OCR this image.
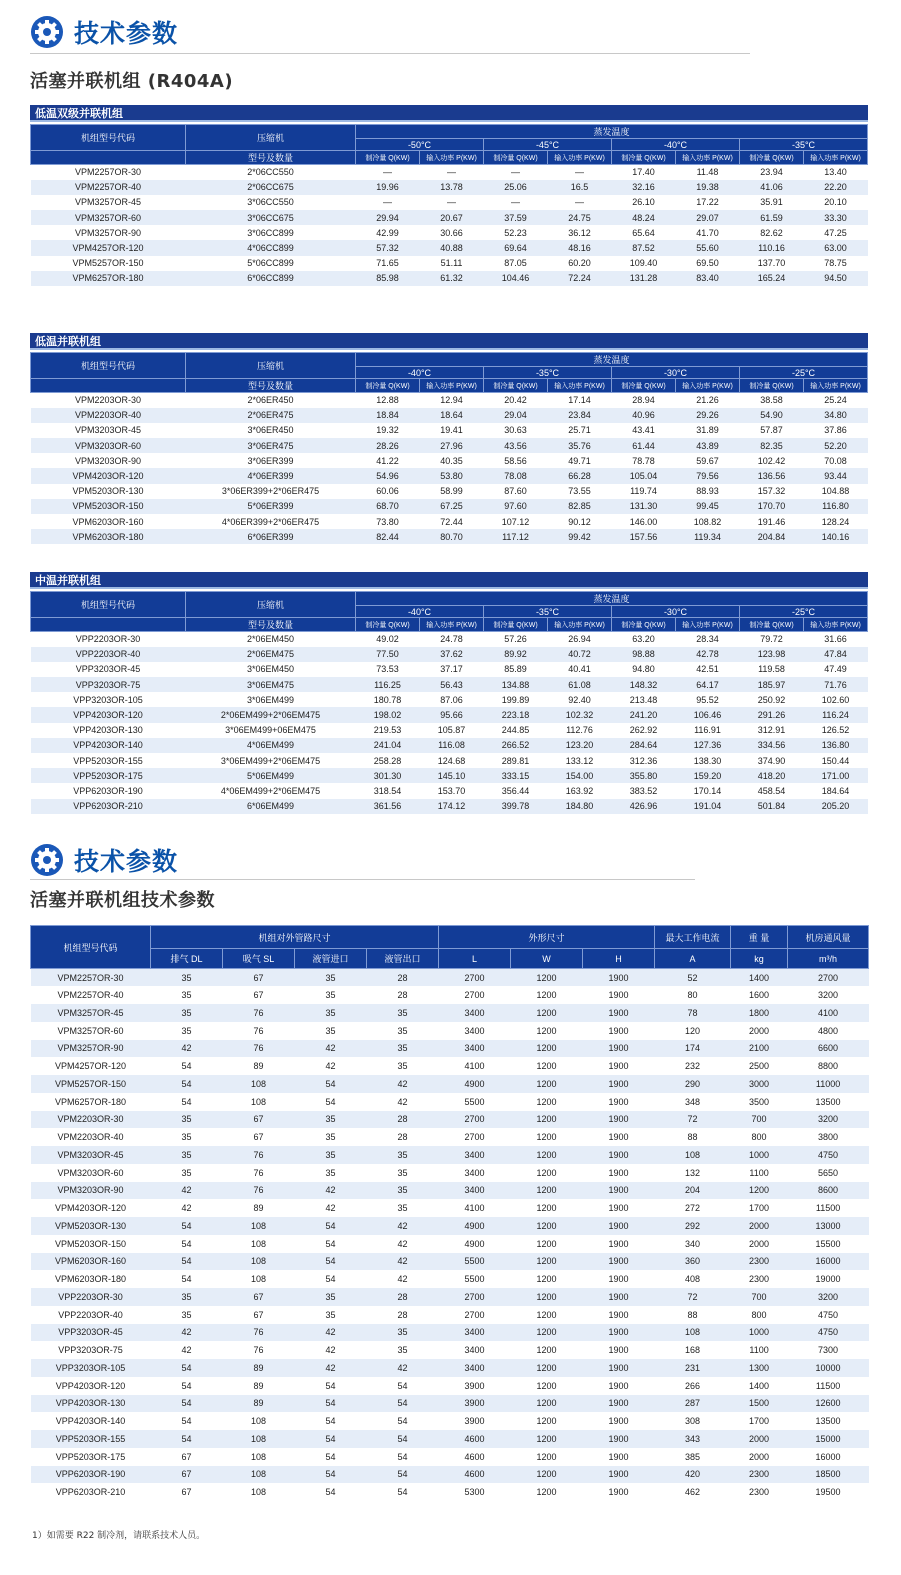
技术参数
活塞并联机组 (R404A)
低温双级并联机组
机组型号代码	压缩机	蒸发温度							
		-50°C		-45°C		-40°C		-35°C	
	型号及数量	制冷量 Q(KW)	输入功率 P(KW)	制冷量 Q(KW)	输入功率 P(KW)	制冷量 Q(KW)	输入功率 P(KW)	制冷量 Q(KW)	输入功率 P(KW)
VPM2257OR-30	2*06CC550	—	—	—	—	17.40	11.48	23.94	13.40
VPM2257OR-40	2*06CC675	19.96	13.78	25.06	16.5	32.16	19.38	41.06	22.20
VPM3257OR-45	3*06CC550	—	—	—	—	26.10	17.22	35.91	20.10
VPM3257OR-60	3*06CC675	29.94	20.67	37.59	24.75	48.24	29.07	61.59	33.30
VPM3257OR-90	3*06CC899	42.99	30.66	52.23	36.12	65.64	41.70	82.62	47.25
VPM4257OR-120	4*06CC899	57.32	40.88	69.64	48.16	87.52	55.60	110.16	63.00
VPM5257OR-150	5*06CC899	71.65	51.11	87.05	60.20	109.40	69.50	137.70	78.75
VPM6257OR-180	6*06CC899	85.98	61.32	104.46	72.24	131.28	83.40	165.24	94.50
低温并联机组
机组型号代码	压缩机	蒸发温度							
		-40°C		-35°C		-30°C		-25°C	
	型号及数量	制冷量 Q(KW)	输入功率 P(KW)	制冷量 Q(KW)	输入功率 P(KW)	制冷量 Q(KW)	输入功率 P(KW)	制冷量 Q(KW)	输入功率 P(KW)
VPM2203OR-30	2*06ER450	12.88	12.94	20.42	17.14	28.94	21.26	38.58	25.24
VPM2203OR-40	2*06ER475	18.84	18.64	29.04	23.84	40.96	29.26	54.90	34.80
VPM3203OR-45	3*06ER450	19.32	19.41	30.63	25.71	43.41	31.89	57.87	37.86
VPM3203OR-60	3*06ER475	28.26	27.96	43.56	35.76	61.44	43.89	82.35	52.20
VPM3203OR-90	3*06ER399	41.22	40.35	58.56	49.71	78.78	59.67	102.42	70.08
VPM4203OR-120	4*06ER399	54.96	53.80	78.08	66.28	105.04	79.56	136.56	93.44
VPM5203OR-130	3*06ER399+2*06ER475	60.06	58.99	87.60	73.55	119.74	88.93	157.32	104.88
VPM5203OR-150	5*06ER399	68.70	67.25	97.60	82.85	131.30	99.45	170.70	116.80
VPM6203OR-160	4*06ER399+2*06ER475	73.80	72.44	107.12	90.12	146.00	108.82	191.46	128.24
VPM6203OR-180	6*06ER399	82.44	80.70	117.12	99.42	157.56	119.34	204.84	140.16
中温并联机组
机组型号代码	压缩机	蒸发温度							
		-40°C		-35°C		-30°C		-25°C	
	型号及数量	制冷量 Q(KW)	输入功率 P(KW)	制冷量 Q(KW)	输入功率 P(KW)	制冷量 Q(KW)	输入功率 P(KW)	制冷量 Q(KW)	输入功率 P(KW)
VPP2203OR-30	2*06EM450	49.02	24.78	57.26	26.94	63.20	28.34	79.72	31.66
VPP2203OR-40	2*06EM475	77.50	37.62	89.92	40.72	98.88	42.78	123.98	47.84
VPP3203OR-45	3*06EM450	73.53	37.17	85.89	40.41	94.80	42.51	119.58	47.49
VPP3203OR-75	3*06EM475	116.25	56.43	134.88	61.08	148.32	64.17	185.97	71.76
VPP3203OR-105	3*06EM499	180.78	87.06	199.89	92.40	213.48	95.52	250.92	102.60
VPP4203OR-120	2*06EM499+2*06EM475	198.02	95.66	223.18	102.32	241.20	106.46	291.26	116.24
VPP4203OR-130	3*06EM499+06EM475	219.53	105.87	244.85	112.76	262.92	116.91	312.91	126.52
VPP4203OR-140	4*06EM499	241.04	116.08	266.52	123.20	284.64	127.36	334.56	136.80
VPP5203OR-155	3*06EM499+2*06EM475	258.28	124.68	289.81	133.12	312.36	138.30	374.90	150.44
VPP5203OR-175	5*06EM499	301.30	145.10	333.15	154.00	355.80	159.20	418.20	171.00
VPP6203OR-190	4*06EM499+2*06EM475	318.54	153.70	356.44	163.92	383.52	170.14	458.54	184.64
VPP6203OR-210	6*06EM499	361.56	174.12	399.78	184.80	426.96	191.04	501.84	205.20
技术参数
活塞并联机组技术参数
机组型号代码	机组对外管路尺寸				外形尺寸			最大工作电流	重 量	机房通风量
	排气 DL	吸气 SL	液管进口	液管出口	L	W	H	A	kg	m³/h
VPM2257OR-30	35	67	35	28	2700	1200	1900	52	1400	2700
VPM2257OR-40	35	67	35	28	2700	1200	1900	80	1600	3200
VPM3257OR-45	35	76	35	35	3400	1200	1900	78	1800	4100
VPM3257OR-60	35	76	35	35	3400	1200	1900	120	2000	4800
VPM3257OR-90	42	76	42	35	3400	1200	1900	174	2100	6600
VPM4257OR-120	54	89	42	35	4100	1200	1900	232	2500	8800
VPM5257OR-150	54	108	54	42	4900	1200	1900	290	3000	11000
VPM6257OR-180	54	108	54	42	5500	1200	1900	348	3500	13500
VPM2203OR-30	35	67	35	28	2700	1200	1900	72	700	3200
VPM2203OR-40	35	67	35	28	2700	1200	1900	88	800	3800
VPM3203OR-45	35	76	35	35	3400	1200	1900	108	1000	4750
VPM3203OR-60	35	76	35	35	3400	1200	1900	132	1100	5650
VPM3203OR-90	42	76	42	35	3400	1200	1900	204	1200	8600
VPM4203OR-120	42	89	42	35	4100	1200	1900	272	1700	11500
VPM5203OR-130	54	108	54	42	4900	1200	1900	292	2000	13000
VPM5203OR-150	54	108	54	42	4900	1200	1900	340	2000	15500
VPM6203OR-160	54	108	54	42	5500	1200	1900	360	2300	16000
VPM6203OR-180	54	108	54	42	5500	1200	1900	408	2300	19000
VPP2203OR-30	35	67	35	28	2700	1200	1900	72	700	3200
VPP2203OR-40	35	67	35	28	2700	1200	1900	88	800	4750
VPP3203OR-45	42	76	42	35	3400	1200	1900	108	1000	4750
VPP3203OR-75	42	76	42	35	3400	1200	1900	168	1100	7300
VPP3203OR-105	54	89	42	42	3400	1200	1900	231	1300	10000
VPP4203OR-120	54	89	54	54	3900	1200	1900	266	1400	11500
VPP4203OR-130	54	89	54	54	3900	1200	1900	287	1500	12600
VPP4203OR-140	54	108	54	54	3900	1200	1900	308	1700	13500
VPP5203OR-155	54	108	54	54	4600	1200	1900	343	2000	15000
VPP5203OR-175	67	108	54	54	4600	1200	1900	385	2000	16000
VPP6203OR-190	67	108	54	54	4600	1200	1900	420	2300	18500
VPP6203OR-210	67	108	54	54	5300	1200	1900	462	2300	19500
1）如需要 R22 制冷剂，请联系技术人员。
